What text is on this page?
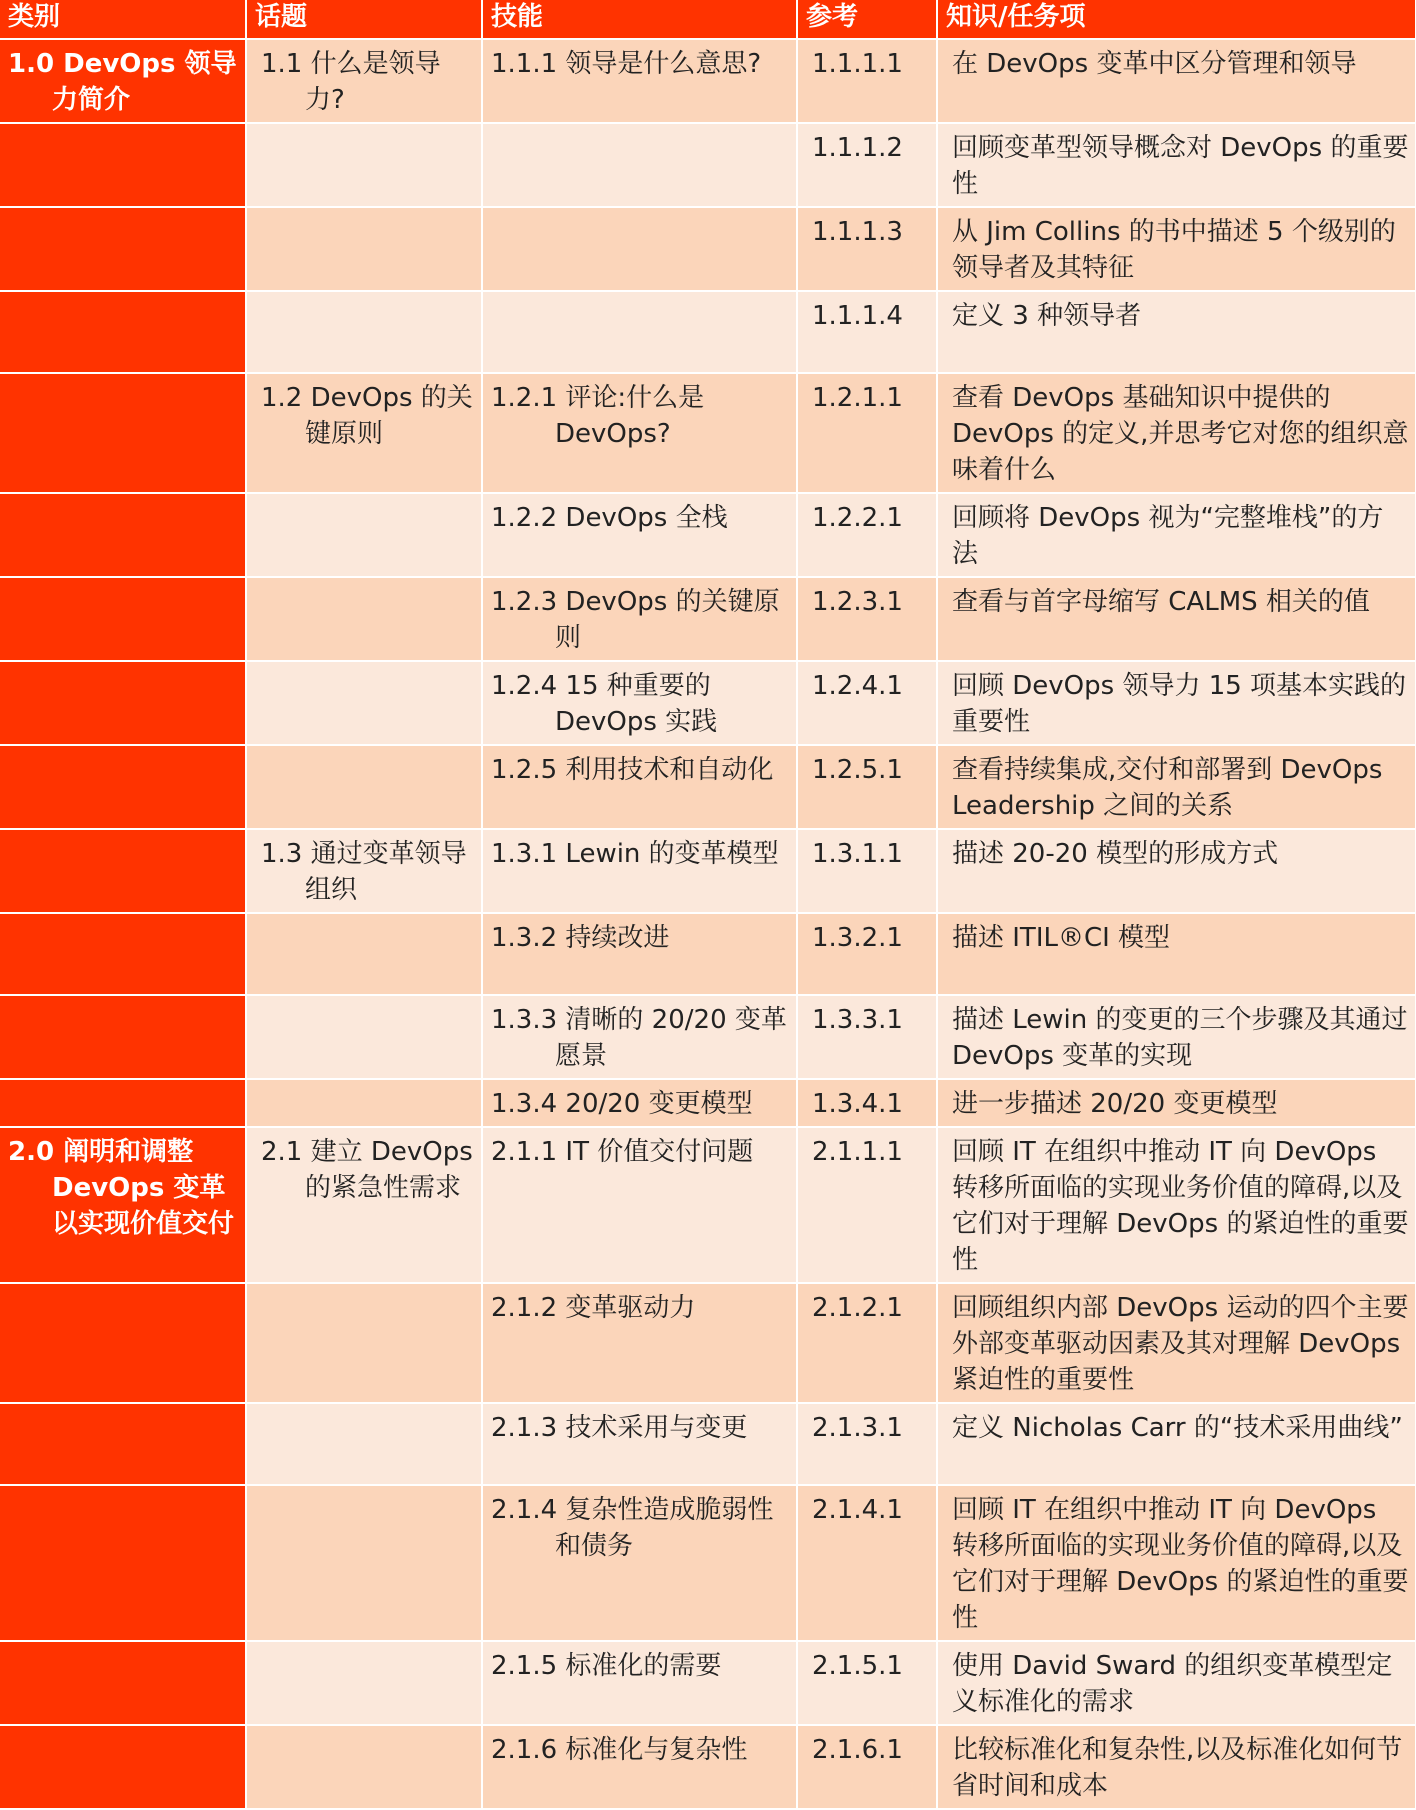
类别	话题	技能	参考	知识/任务项

1.0 DevOps 领导力简介	1.1 什么是领导力?	1.1.1 领导是什么意思?	1.1.1.1	在 DevOps 变革中区分管理和领导

			1.1.1.2	回顾变革型领导概念对 DevOps 的重要性

			1.1.1.3	从 Jim Collins 的书中描述 5 个级别的领导者及其特征

			1.1.1.4	定义 3 种领导者

	1.2 DevOps 的关键原则	1.2.1 评论:什么是 DevOps?	1.2.1.1	查看 DevOps 基础知识中提供的 DevOps 的定义,并思考它对您的组织意味着什么

		1.2.2 DevOps 全栈	1.2.2.1	回顾将 DevOps 视为“完整堆栈”的方法

		1.2.3 DevOps 的关键原则	1.2.3.1	查看与首字母缩写 CALMS 相关的值

		1.2.4 15 种重要的 DevOps 实践	1.2.4.1	回顾 DevOps 领导力 15 项基本实践的重要性

		1.2.5 利用技术和自动化	1.2.5.1	查看持续集成,交付和部署到 DevOps Leadership 之间的关系

	1.3 通过变革领导组织	1.3.1 Lewin 的变革模型	1.3.1.1	描述 20-20 模型的形成方式

		1.3.2 持续改进	1.3.2.1	描述 ITIL®CI 模型

		1.3.3 清晰的 20/20 变革愿景	1.3.3.1	描述 Lewin 的变更的三个步骤及其通过 DevOps 变革的实现

		1.3.4 20/20 变更模型	1.3.4.1	进一步描述 20/20 变更模型

2.0 阐明和调整 DevOps 变革以实现价值交付	2.1 建立 DevOps 的紧急性需求	2.1.1 IT 价值交付问题	2.1.1.1	回顾 IT 在组织中推动 IT 向 DevOps 转移所面临的实现业务价值的障碍,以及它们对于理解 DevOps 的紧迫性的重要性

		2.1.2 变革驱动力	2.1.2.1	回顾组织内部 DevOps 运动的四个主要外部变革驱动因素及其对理解 DevOps 紧迫性的重要性

		2.1.3 技术采用与变更	2.1.3.1	定义 Nicholas Carr 的“技术采用曲线”

		2.1.4 复杂性造成脆弱性和债务	2.1.4.1	回顾 IT 在组织中推动 IT 向 DevOps 转移所面临的实现业务价值的障碍,以及它们对于理解 DevOps 的紧迫性的重要性

		2.1.5 标准化的需要	2.1.5.1	使用 David Sward 的组织变革模型定义标准化的需求

		2.1.6 标准化与复杂性	2.1.6.1	比较标准化和复杂性,以及标准化如何节省时间和成本
